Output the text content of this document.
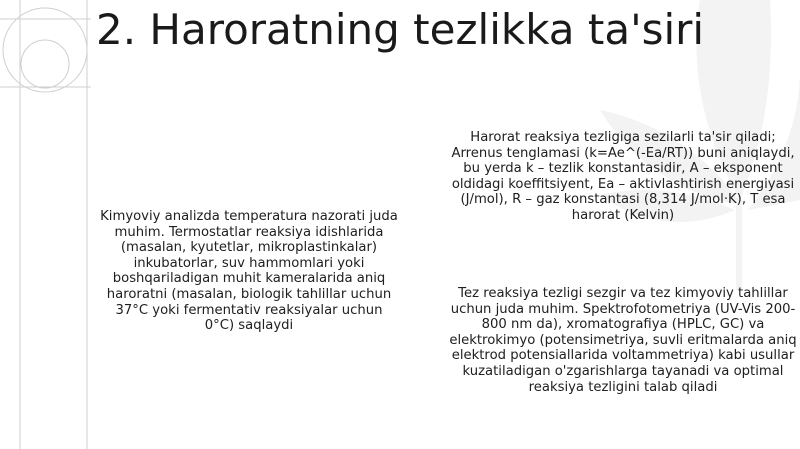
2. Haroratning tezlikka ta'siri
Kimyoviy analizda temperatura nazorati juda muhim. Termostatlar reaksiya idishlarida (masalan, kyutetlar, mikroplastinkalar) inkubatorlar, suv hammomlari yoki boshqariladigan muhit kameralarida aniq haroratni (masalan, biologik tahlillar uchun 37°C yoki fermentativ reaksiyalar uchun 0°C) saqlaydi
Harorat reaksiya tezligiga sezilarli ta'sir qiladi; Arrenus tenglamasi (k=Ae^(-Ea/RT)) buni aniqlaydi, bu yerda k – tezlik konstantasidir, A – eksponent oldidagi koeffitsiyent, Ea – aktivlashtirish energiyasi (J/mol), R – gaz konstantasi (8,314 J/mol·K), T esa harorat (Kelvin)
Tez reaksiya tezligi sezgir va tez kimyoviy tahlillar uchun juda muhim. Spektrofotometriya (UV-Vis 200-800 nm da), xromatografiya (HPLC, GC) va elektrokimyo (potensimetriya, suvli eritmalarda aniq elektrod potensiallarida voltammetriya) kabi usullar kuzatiladigan o'zgarishlarga tayanadi va optimal reaksiya tezligini talab qiladi
